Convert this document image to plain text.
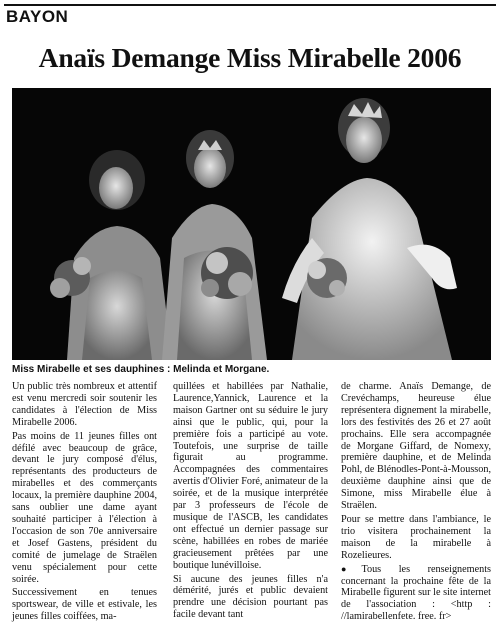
BAYON
Anaïs Demange Miss Mirabelle 2006
Miss Mirabelle et ses dauphines : Melinda et Morgane.

Un public très nombreux et attentif est venu mercredi soir soutenir les candidates à l'élection de Miss Mirabelle 2006.

Pas moins de 11 jeunes filles ont défilé avec beaucoup de grâce, devant le jury composé d'élus, représentants des producteurs de mirabelles et des commerçants locaux, la première dauphine 2004, sans oublier une dame ayant souhaité participer à l'élection à l'occasion de son 70e anniversaire et Josef Gastens, président du comité de jumelage de Straëlen venu spécialement pour cette soirée.

Successivement en tenues sportswear, de ville et estivale, les jeunes filles coiffées, ma-

quillées et habillées par Nathalie, Laurence,Yannick, Laurence et la maison Gartner ont su séduire le jury ainsi que le public, qui, pour la première fois a participé au vote. Toutefois, une surprise de taille figurait au programme. Accompagnées des commentaires avertis d'Olivier Foré, animateur de la soirée, et de la musique interprétée par 3 professeurs de l'école de musique de l'ASCB, les candidates ont effectué un dernier passage sur scène, habillées en robes de mariée gracieusement prêtées par une boutique lunévilloise.

Si aucune des jeunes filles n'a démérité, jurés et public devaient prendre une décision pourtant pas facile devant tant

de charme. Anaïs Demange, de Crevéchamps, heureuse élue représentera dignement la mirabelle, lors des festivités des 26 et 27 août prochains. Elle sera accompagnée de Morgane Giffard, de Nomexy, première dauphine, et de Melinda Pohl, de Blénodles-Pont-à-Mousson, deuxième dauphine ainsi que de Simone, miss Mirabelle élue à Straëlen.

Pour se mettre dans l'ambiance, le trio visitera prochainement la maison de la mirabelle à Rozelieures.

● Tous les renseignements concernant la prochaine fête de la Mirabelle figurent sur le site internet de l'association : <http : //lamirabellenfete. free. fr>
